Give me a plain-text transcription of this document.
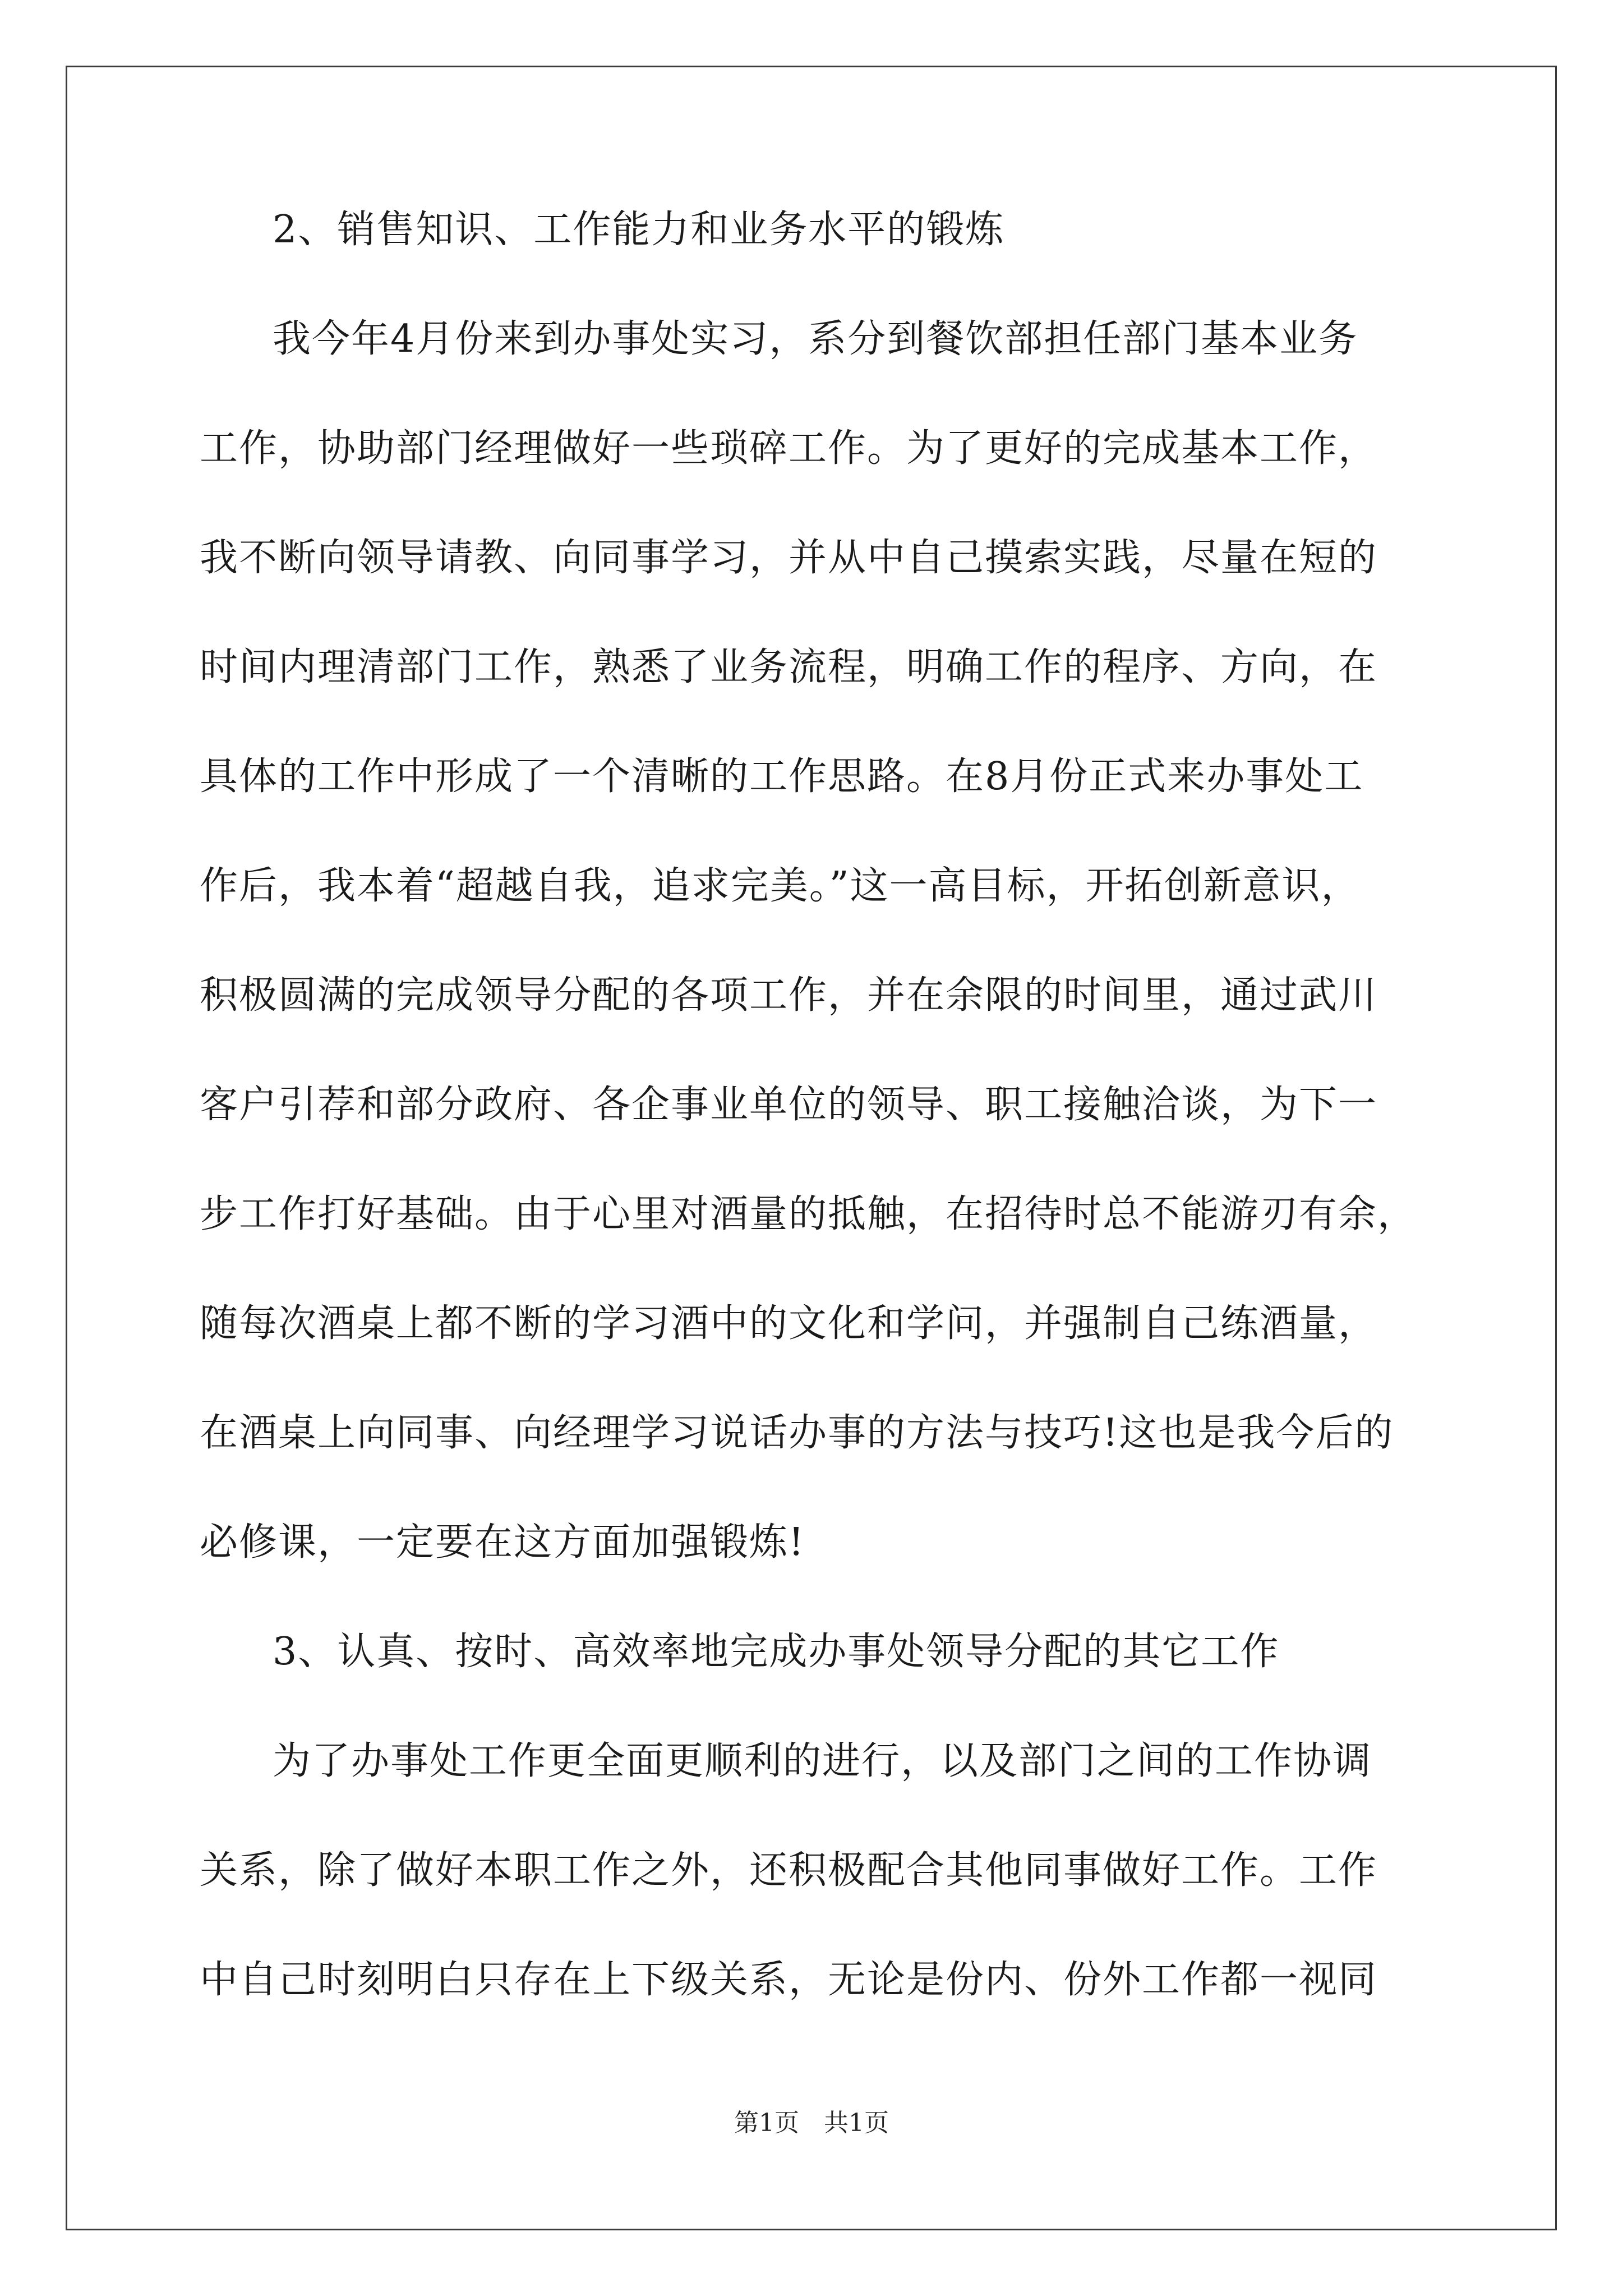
2、销售知识、工作能力和业务水平的锻炼
我今年4月份来到办事处实习，系分到餐饮部担任部门基本业务
工作，协助部门经理做好一些琐碎工作。为了更好的完成基本工作，
我不断向领导请教、向同事学习，并从中自己摸索实践，尽量在短的
时间内理清部门工作，熟悉了业务流程，明确工作的程序、方向，在
具体的工作中形成了一个清晰的工作思路。在8月份正式来办事处工
作后，我本着“超越自我，追求完美。”这一高目标，开拓创新意识，
积极圆满的完成领导分配的各项工作，并在余限的时间里，通过武川
客户引荐和部分政府、各企事业单位的领导、职工接触洽谈，为下一
步工作打好基础。由于心里对酒量的抵触，在招待时总不能游刃有余，
随每次酒桌上都不断的学习酒中的文化和学问，并强制自己练酒量，
在酒桌上向同事、向经理学习说话办事的方法与技巧!这也是我今后的
必修课，一定要在这方面加强锻炼!
3、认真、按时、高效率地完成办事处领导分配的其它工作
为了办事处工作更全面更顺利的进行，以及部门之间的工作协调
关系，除了做好本职工作之外，还积极配合其他同事做好工作。工作
中自己时刻明白只存在上下级关系，无论是份内、份外工作都一视同
第1页　共1页
